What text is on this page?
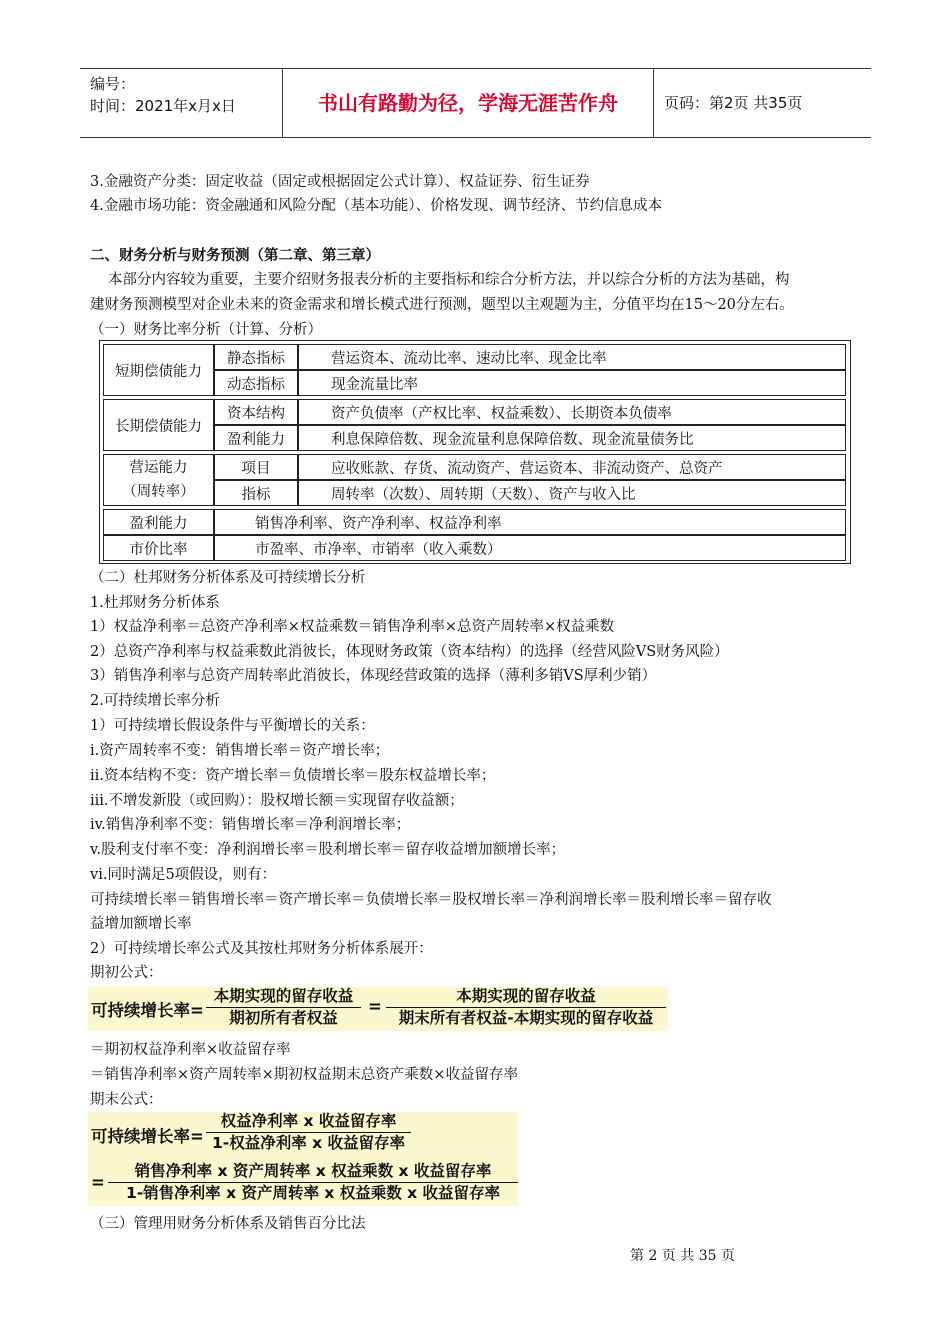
编号：
时间：2021年x月x日	书山有路勤为径，学海无涯苦作舟	页码：第2页 共35页
3.金融资产分类：固定收益（固定或根据固定公式计算）、权益证券、衍生证券
4.金融市场功能：资金融通和风险分配（基本功能）、价格发现、调节经济、节约信息成本
二、财务分析与财务预测（第二章、第三章）
本部分内容较为重要，主要介绍财务报表分析的主要指标和综合分析方法，并以综合分析的方法为基础，构
建财务预测模型对企业未来的资金需求和增长模式进行预测，题型以主观题为主，分值平均在15～20分左右。
（一）财务比率分析（计算、分析）
短期偿债能力
静态指标	营运资本、流动比率、速动比率、现金比率
动态指标	现金流量比率
长期偿债能力
资本结构	资产负债率（产权比率、权益乘数）、长期资本负债率
盈利能力	利息保障倍数、现金流量利息保障倍数、现金流量债务比
营运能力
（周转率）
项目	应收账款、存货、流动资产、营运资本、非流动资产、总资产
指标	周转率（次数）、周转期（天数）、资产与收入比
盈利能力	销售净利率、资产净利率、权益净利率
市价比率	市盈率、市净率、市销率（收入乘数）
（二）杜邦财务分析体系及可持续增长分析
1.杜邦财务分析体系
1）权益净利率＝总资产净利率×权益乘数＝销售净利率×总资产周转率×权益乘数
2）总资产净利率与权益乘数此消彼长，体现财务政策（资本结构）的选择（经营风险VS财务风险）
3）销售净利率与总资产周转率此消彼长，体现经营政策的选择（薄利多销VS厚利少销）
2.可持续增长率分析
1）可持续增长假设条件与平衡增长的关系：
i.资产周转率不变：销售增长率＝资产增长率；
ii.资本结构不变：资产增长率＝负债增长率＝股东权益增长率；
iii.不增发新股（或回购）：股权增长额＝实现留存收益额；
iv.销售净利率不变：销售增长率＝净利润增长率；
v.股利支付率不变：净利润增长率＝股利增长率＝留存收益增加额增长率；
vi.同时满足5项假设，则有：
可持续增长率＝销售增长率＝资产增长率＝负债增长率＝股权增长率＝净利润增长率＝股利增长率＝留存收
益增加额增长率
2）可持续增长率公式及其按杜邦财务分析体系展开：
期初公式：
可持续增长率=
本期实现的留存收益
期初所有者权益
=
本期实现的留存收益
期末所有者权益-本期实现的留存收益
＝期初权益净利率×收益留存率
＝销售净利率×资产周转率×期初权益期末总资产乘数×收益留存率
期末公式：
可持续增长率=
权益净利率 x 收益留存率
1-权益净利率 x 收益留存率
=
销售净利率 x 资产周转率 x 权益乘数 x 收益留存率
1-销售净利率 x 资产周转率 x 权益乘数 x 收益留存率
（三）管理用财务分析体系及销售百分比法
第 2 页 共 35 页
